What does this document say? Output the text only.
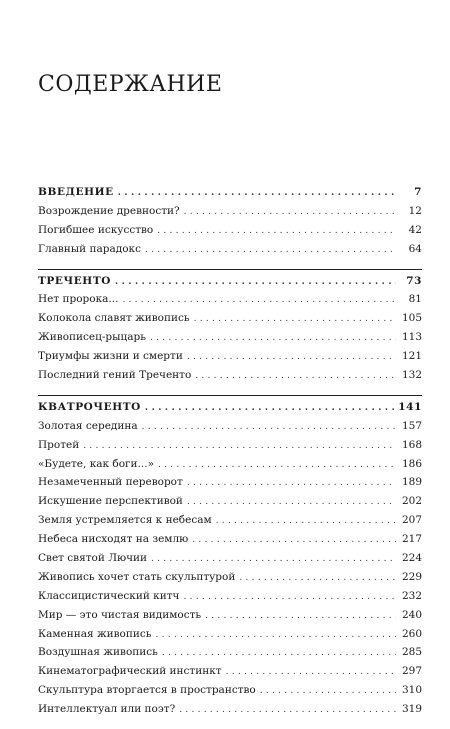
СОДЕРЖАНИЕ
ВВЕДЕНИЕ . . .	7
Возрождение древности? . . .	12
Погибшее искусство . . .	42
Главный парадокс . . .	64
ТРЕЧЕНТО . . .	73
Нет пророка... . . .	81
Колокола славят живопись . . .	105
Живописец-рыцарь . . .	113
Триумфы жизни и смерти . . .	121
Последний гений Треченто . . .	132
КВАТРОЧЕНТО . . .	141
Золотая середина . . .	157
Протей . . .	168
«Будете, как боги...» . . .	186
Незамеченный переворот . . .	189
Искушение перспективой . . .	202
Земля устремляется к небесам . . .	207
Небеса нисходят на землю . . .	217
Свет святой Лючии . . .	224
Живопись хочет стать скульптурой . . .	229
Классицистический китч . . .	232
Мир — это чистая видимость . . .	240
Каменная живопись . . .	260
Воздушная живопись . . .	285
Кинематографический инстинкт . . .	297
Скульптура вторгается в пространство . . .	310
Интеллектуал или поэт? . . .	319
